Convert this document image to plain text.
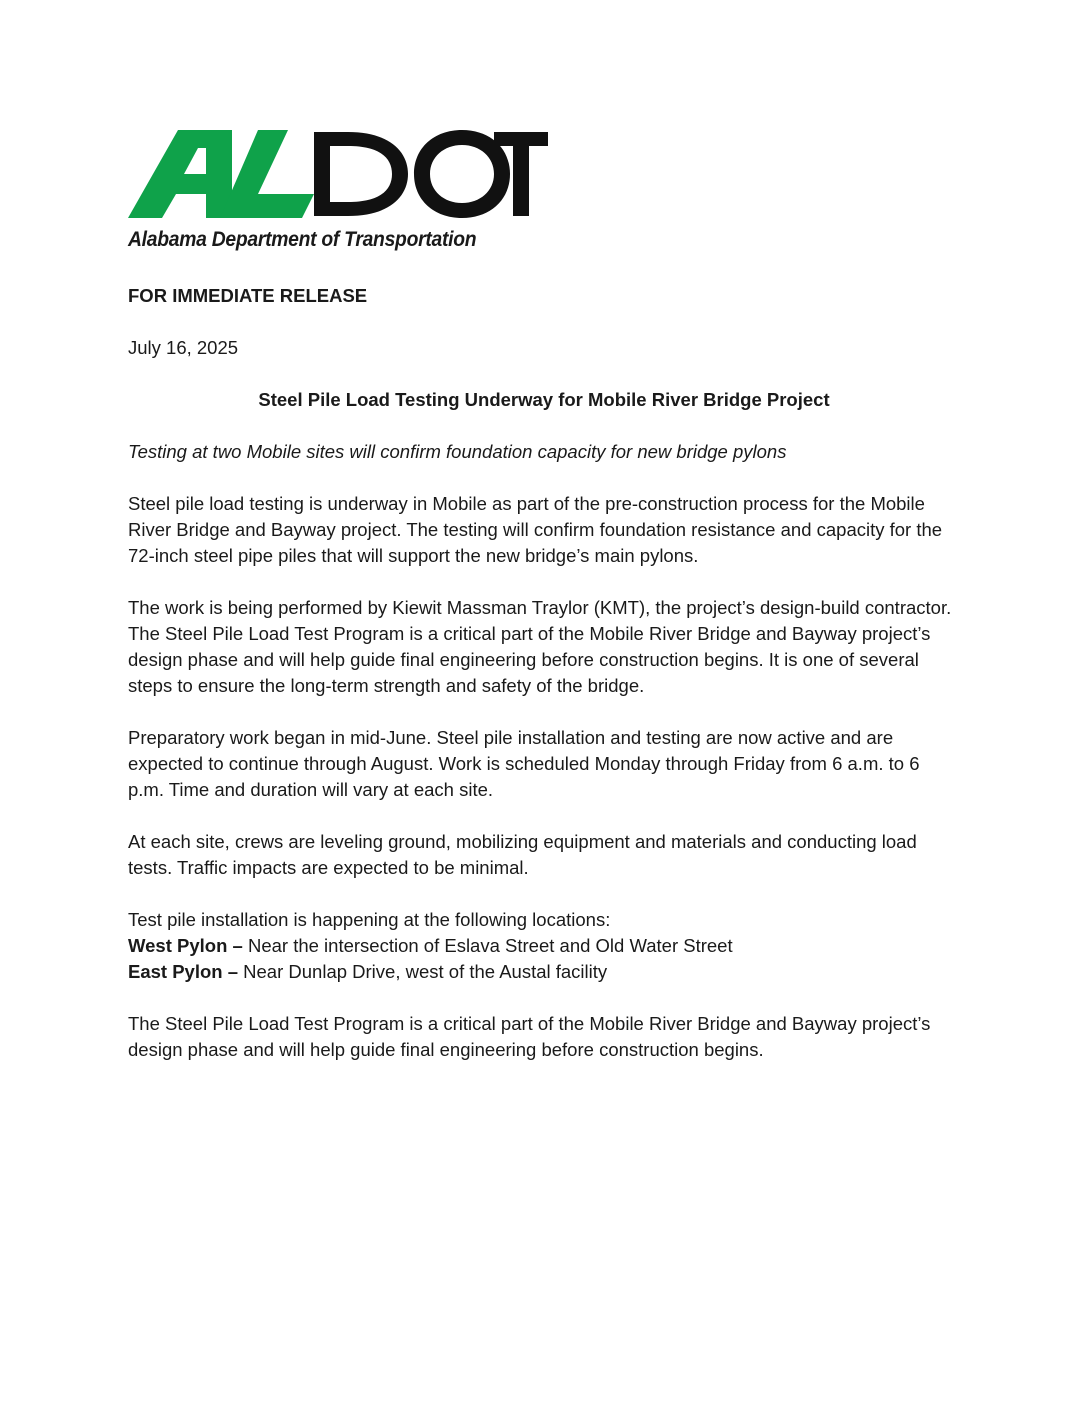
Alabama Department of Transportation
FOR IMMEDIATE RELEASE
July 16, 2025
Steel Pile Load Testing Underway for Mobile River Bridge Project
Testing at two Mobile sites will confirm foundation capacity for new bridge pylons

Steel pile load testing is underway in Mobile as part of the pre-construction process for the Mobile River Bridge and Bayway project. The testing will confirm foundation resistance and capacity for the 72-inch steel pipe piles that will support the new bridge’s main pylons.

The work is being performed by Kiewit Massman Traylor (KMT), the project’s design-build contractor. The Steel Pile Load Test Program is a critical part of the Mobile River Bridge and Bayway project’s design phase and will help guide final engineering before construction begins. It is one of several steps to ensure the long-term strength and safety of the bridge.

Preparatory work began in mid-June. Steel pile installation and testing are now active and are expected to continue through August. Work is scheduled Monday through Friday from 6 a.m. to 6 p.m. Time and duration will vary at each site.

At each site, crews are leveling ground, mobilizing equipment and materials and conducting load tests. Traffic impacts are expected to be minimal.

Test pile installation is happening at the following locations:
West Pylon – Near the intersection of Eslava Street and Old Water Street
East Pylon – Near Dunlap Drive, west of the Austal facility

The Steel Pile Load Test Program is a critical part of the Mobile River Bridge and Bayway project’s design phase and will help guide final engineering before construction begins.
